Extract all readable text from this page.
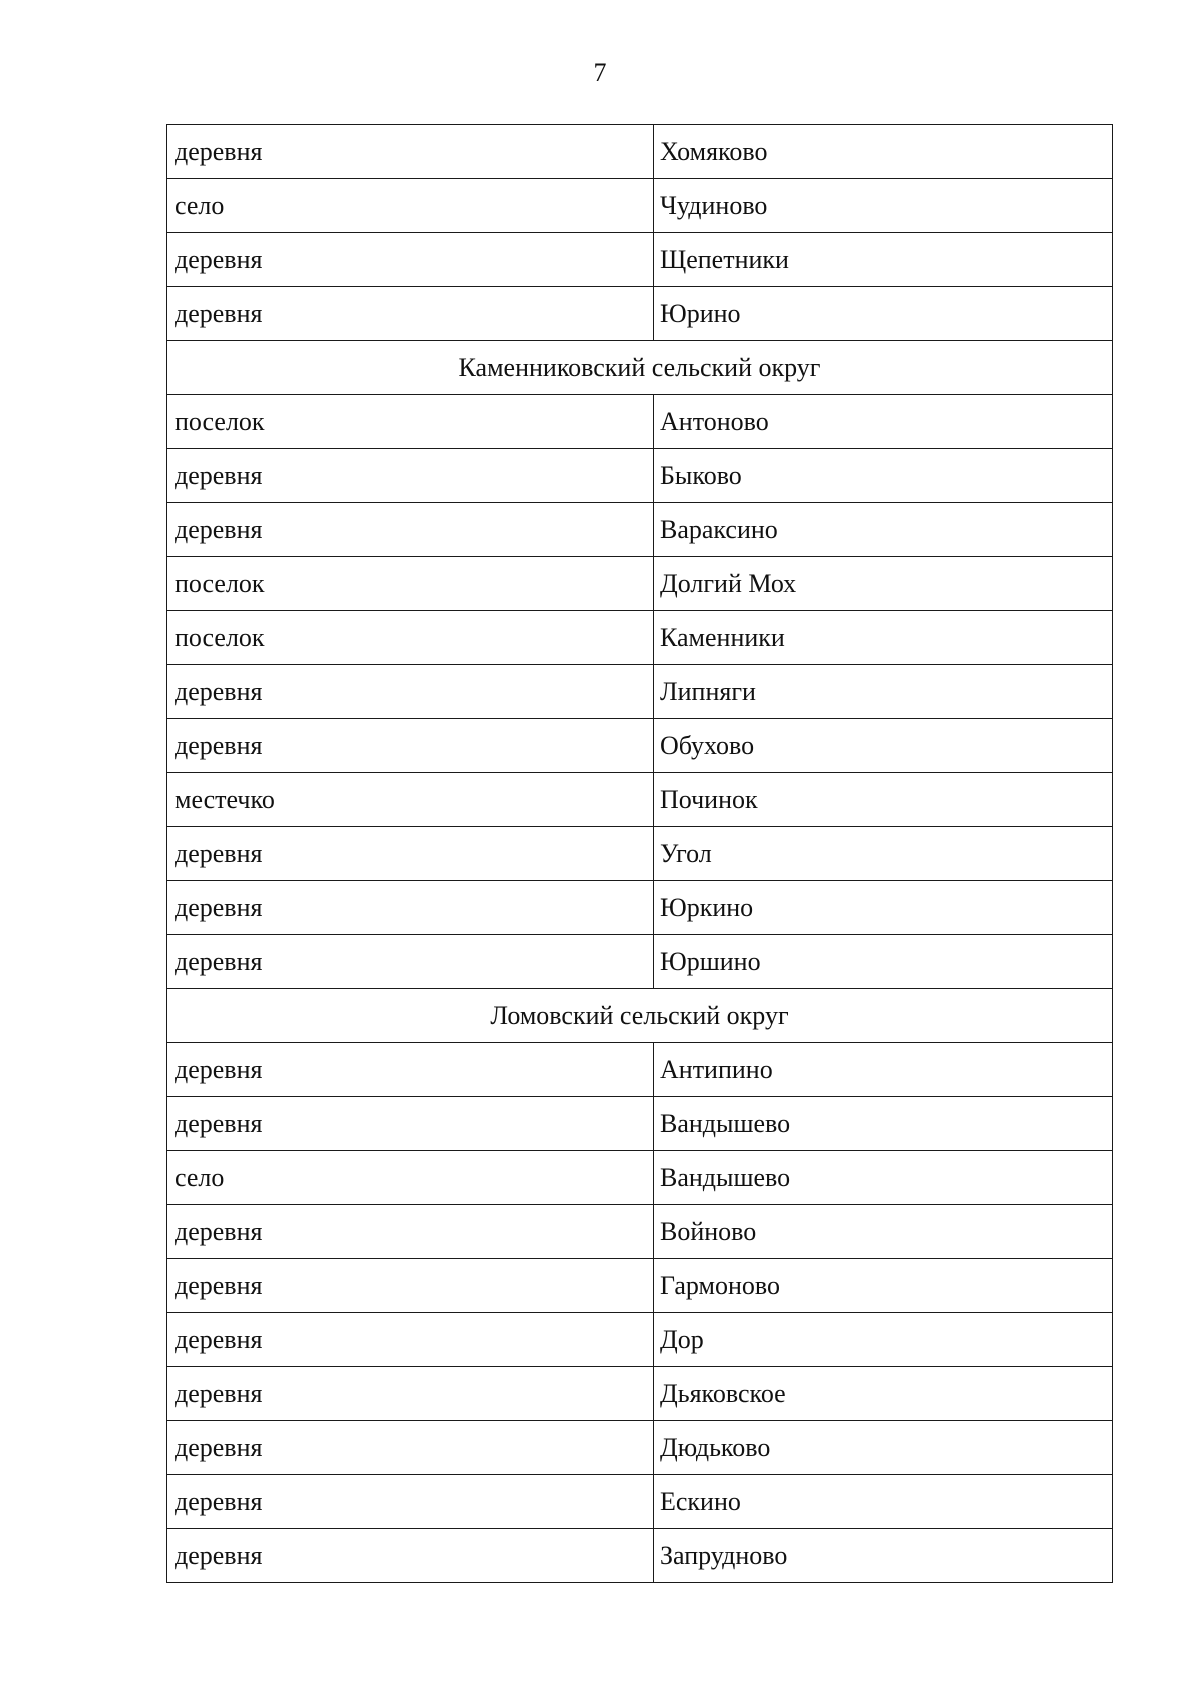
7
деревня	Хомяково
село	Чудиново
деревня	Щепетники
деревня	Юрино
Каменниковский сельский округ	
поселок	Антоново
деревня	Быково
деревня	Вараксино
поселок	Долгий Мох
поселок	Каменники
деревня	Липняги
деревня	Обухово
местечко	Починок
деревня	Угол
деревня	Юркино
деревня	Юршино
Ломовский сельский округ	
деревня	Антипино
деревня	Вандышево
село	Вандышево
деревня	Войново
деревня	Гармоново
деревня	Дор
деревня	Дьяковское
деревня	Дюдьково
деревня	Ескино
деревня	Запрудново
